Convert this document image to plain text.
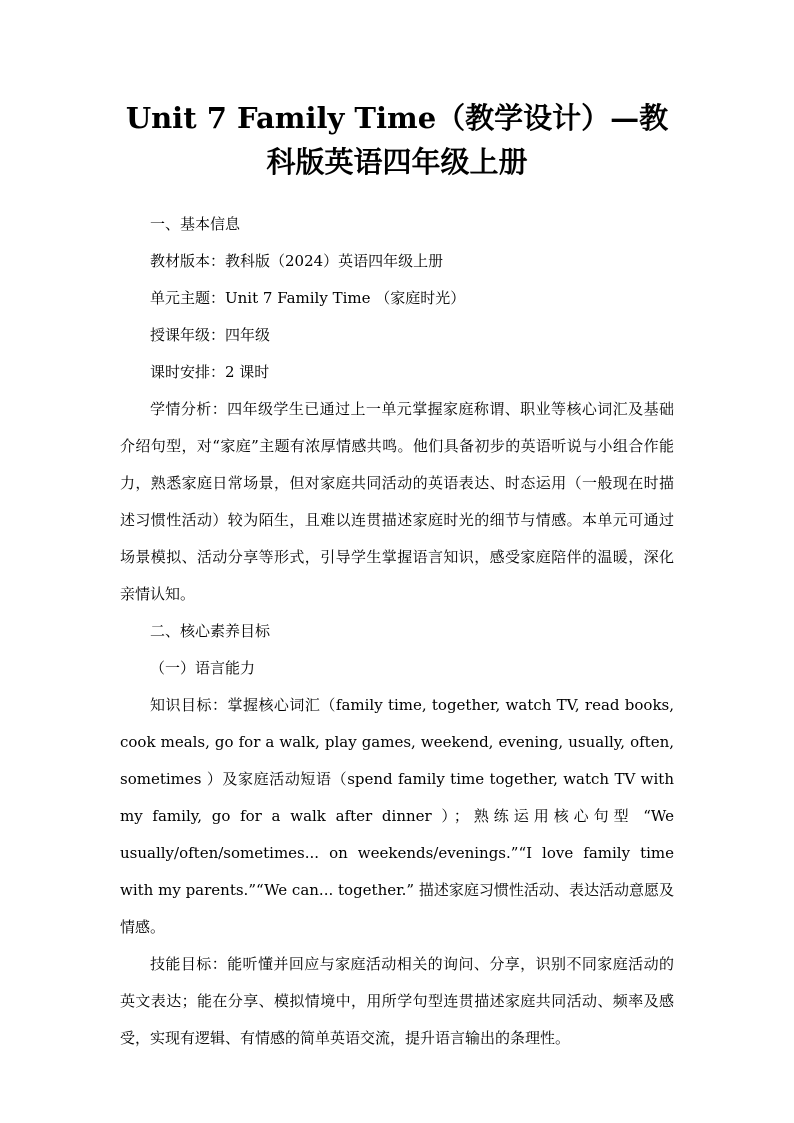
Unit 7 Family Time（教学设计）—教
科版英语四年级上册

一、基本信息

教材版本：教科版（2024）英语四年级上册

单元主题：Unit 7 Family Time （家庭时光）

授课年级：四年级

课时安排：2 课时

学情分析：四年级学生已通过上一单元掌握家庭称谓、职业等核心词汇及基础介绍句型，对“家庭”主题有浓厚情感共鸣。他们具备初步的英语听说与小组合作能力，熟悉家庭日常场景，但对家庭共同活动的英语表达、时态运用（一般现在时描述习惯性活动）较为陌生，且难以连贯描述家庭时光的细节与情感。本单元可通过场景模拟、活动分享等形式，引导学生掌握语言知识，感受家庭陪伴的温暖，深化亲情认知。

二、核心素养目标

（一）语言能力

知识目标：掌握核心词汇（family time, together, watch TV, read books, cook meals, go for a walk, play games, weekend, evening, usually, often, sometimes ）及家庭活动短语（spend family time together, watch TV with my family, go for a walk after dinner ）；熟练运用核心句型 “We usually/often/sometimes... on weekends/evenings.”“I love family time with my parents.”“We can... together.” 描述家庭习惯性活动、表达活动意愿及情感。

技能目标：能听懂并回应与家庭活动相关的询问、分享，识别不同家庭活动的英文表达；能在分享、模拟情境中，用所学句型连贯描述家庭共同活动、频率及感受，实现有逻辑、有情感的简单英语交流，提升语言输出的条理性。
